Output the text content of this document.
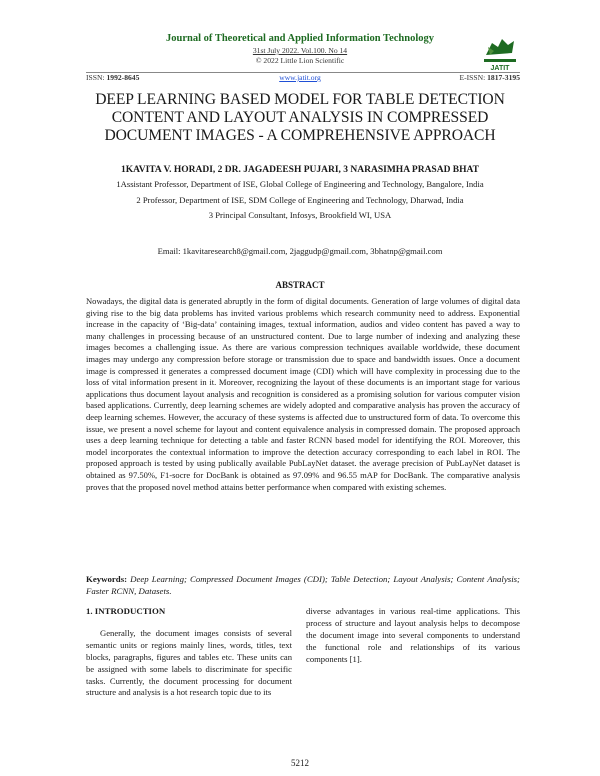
Journal of Theoretical and Applied Information Technology
31st July 2022. Vol.100. No 14
© 2022 Little Lion Scientific
JATIT
ISSN: 1992-8645	www.jatit.org	E-ISSN: 1817-3195
DEEP LEARNING BASED MODEL FOR TABLE DETECTION CONTENT AND LAYOUT ANALYSIS IN COMPRESSED DOCUMENT IMAGES - A COMPREHENSIVE APPROACH
1KAVITA V. HORADI, 2 DR. JAGADEESH PUJARI, 3 NARASIMHA PRASAD BHAT
1Assistant Professor, Department of ISE, Global College of Engineering and Technology, Bangalore, India
2 Professor, Department of ISE, SDM College of Engineering and Technology, Dharwad, India
3 Principal Consultant, Infosys, Brookfield WI, USA
Email: 1kavitaresearch8@gmail.com, 2jaggudp@gmail.com, 3bhatnp@gmail.com
ABSTRACT
Nowadays, the digital data is generated abruptly in the form of digital documents. Generation of large volumes of digital data giving rise to the big data problems has invited various problems which research community need to address. Exponential increase in the capacity of ‘Big-data’ containing images, textual information, audios and video content has paved a way to many challenges in processing because of an unstructured content. Due to large number of indexing and analyzing these images becomes a challenging issue. As there are various compression techniques available worldwide, these document images may undergo any compression before storage or transmission due to space and bandwidth issues. Once a document image is compressed it generates a compressed document image (CDI) which will have complexity in processing due to the loss of vital information present in it. Moreover, recognizing the layout of these documents is an important stage for various applications thus document layout analysis and recognition is considered as a promising solution for various computer vision based applications. Currently, deep learning schemes are widely adopted and comparative analysis has proven the accuracy of deep learning schemes. However, the accuracy of these systems is affected due to unstructured form of data. To overcome this issue, we present a novel scheme for layout and content equivalence analysis in compressed domain. The proposed approach uses a deep learning technique for detecting a table and faster RCNN based model for identifying the ROI. Moreover, this model incorporates the contextual information to improve the detection accuracy corresponding to each label in ROI. The proposed approach is tested by using publically available PubLayNet dataset. the average precision of PubLayNet dataset is obtained as 97.50%, F1-socre for DocBank is obtained as 97.09% and 96.55 mAP for DocBank. The comparative analysis proves that the proposed novel method attains better performance when compared with existing schemes.
Keywords: Deep Learning; Compressed Document Images (CDI); Table Detection; Layout Analysis; Content Analysis; Faster RCNN, Datasets.
1. INTRODUCTION

Generally, the document images consists of several semantic units or regions mainly lines, words, titles, text blocks, paragraphs, figures and tables etc. These units can be assigned with some labels to discriminate for specific tasks. Currently, the document processing for document structure and analysis is a hot research topic due to its

diverse advantages in various real-time applications. This process of structure and layout analysis helps to decompose the document image into several components to understand the functional role and relationships of its various components [1].

5212
